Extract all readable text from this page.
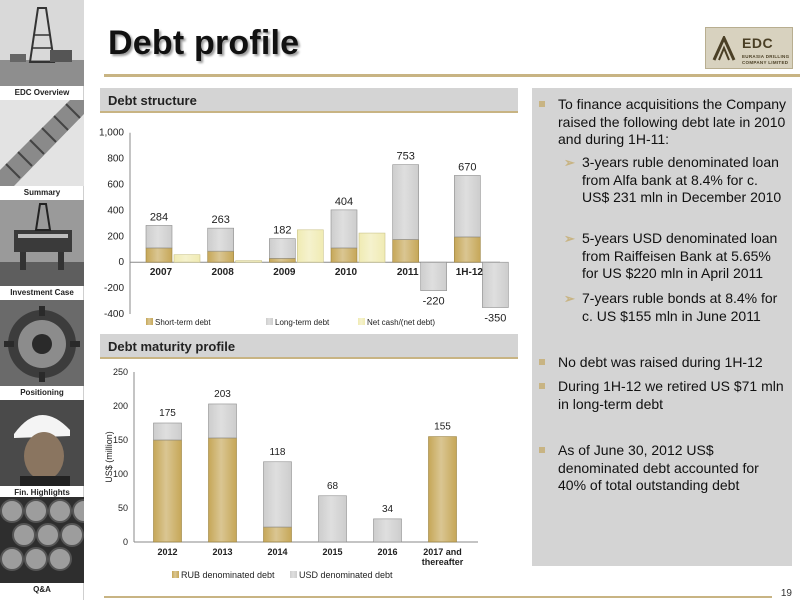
EDC Overview
Summary
Investment Case
Positioning
Fin. Highlights
Q&A
Debt profile	EDC
EURASIA DRILLING
COMPANY LIMITED
Debt structure
Debt maturity profile
1,000
800
600
400
200
0
-200
-400
284
2007
263
2008
182
2009
404
2010
753
-220
2011
670
-350
1H-12
Short-term debt	Long-term debt	Net cash/(net debt)
250
200
150
100
50
0
US$ (million)
175
2012
203
2013
118
2014
68
2015
34
2016
155
2017 and
thereafter
RUB denominated debt	USD denominated debt
To finance acquisitions the Company raised the following debt late in 2010 and during 1H-11:
➢ 3-years ruble denominated loan from Alfa bank at 8.4% for c. US$ 231 mln in December 2010
➢ 5-years USD denominated loan from Raiffeisen Bank at 5.65% for US $220 mln in April 2011
➢ 7-years ruble bonds at 8.4% for c. US $155 mln in June 2011
No debt was raised during 1H-12
During 1H-12 we retired US $71 mln in long-term debt
As of June 30, 2012 US$ denominated debt accounted for 40% of total outstanding debt
19
